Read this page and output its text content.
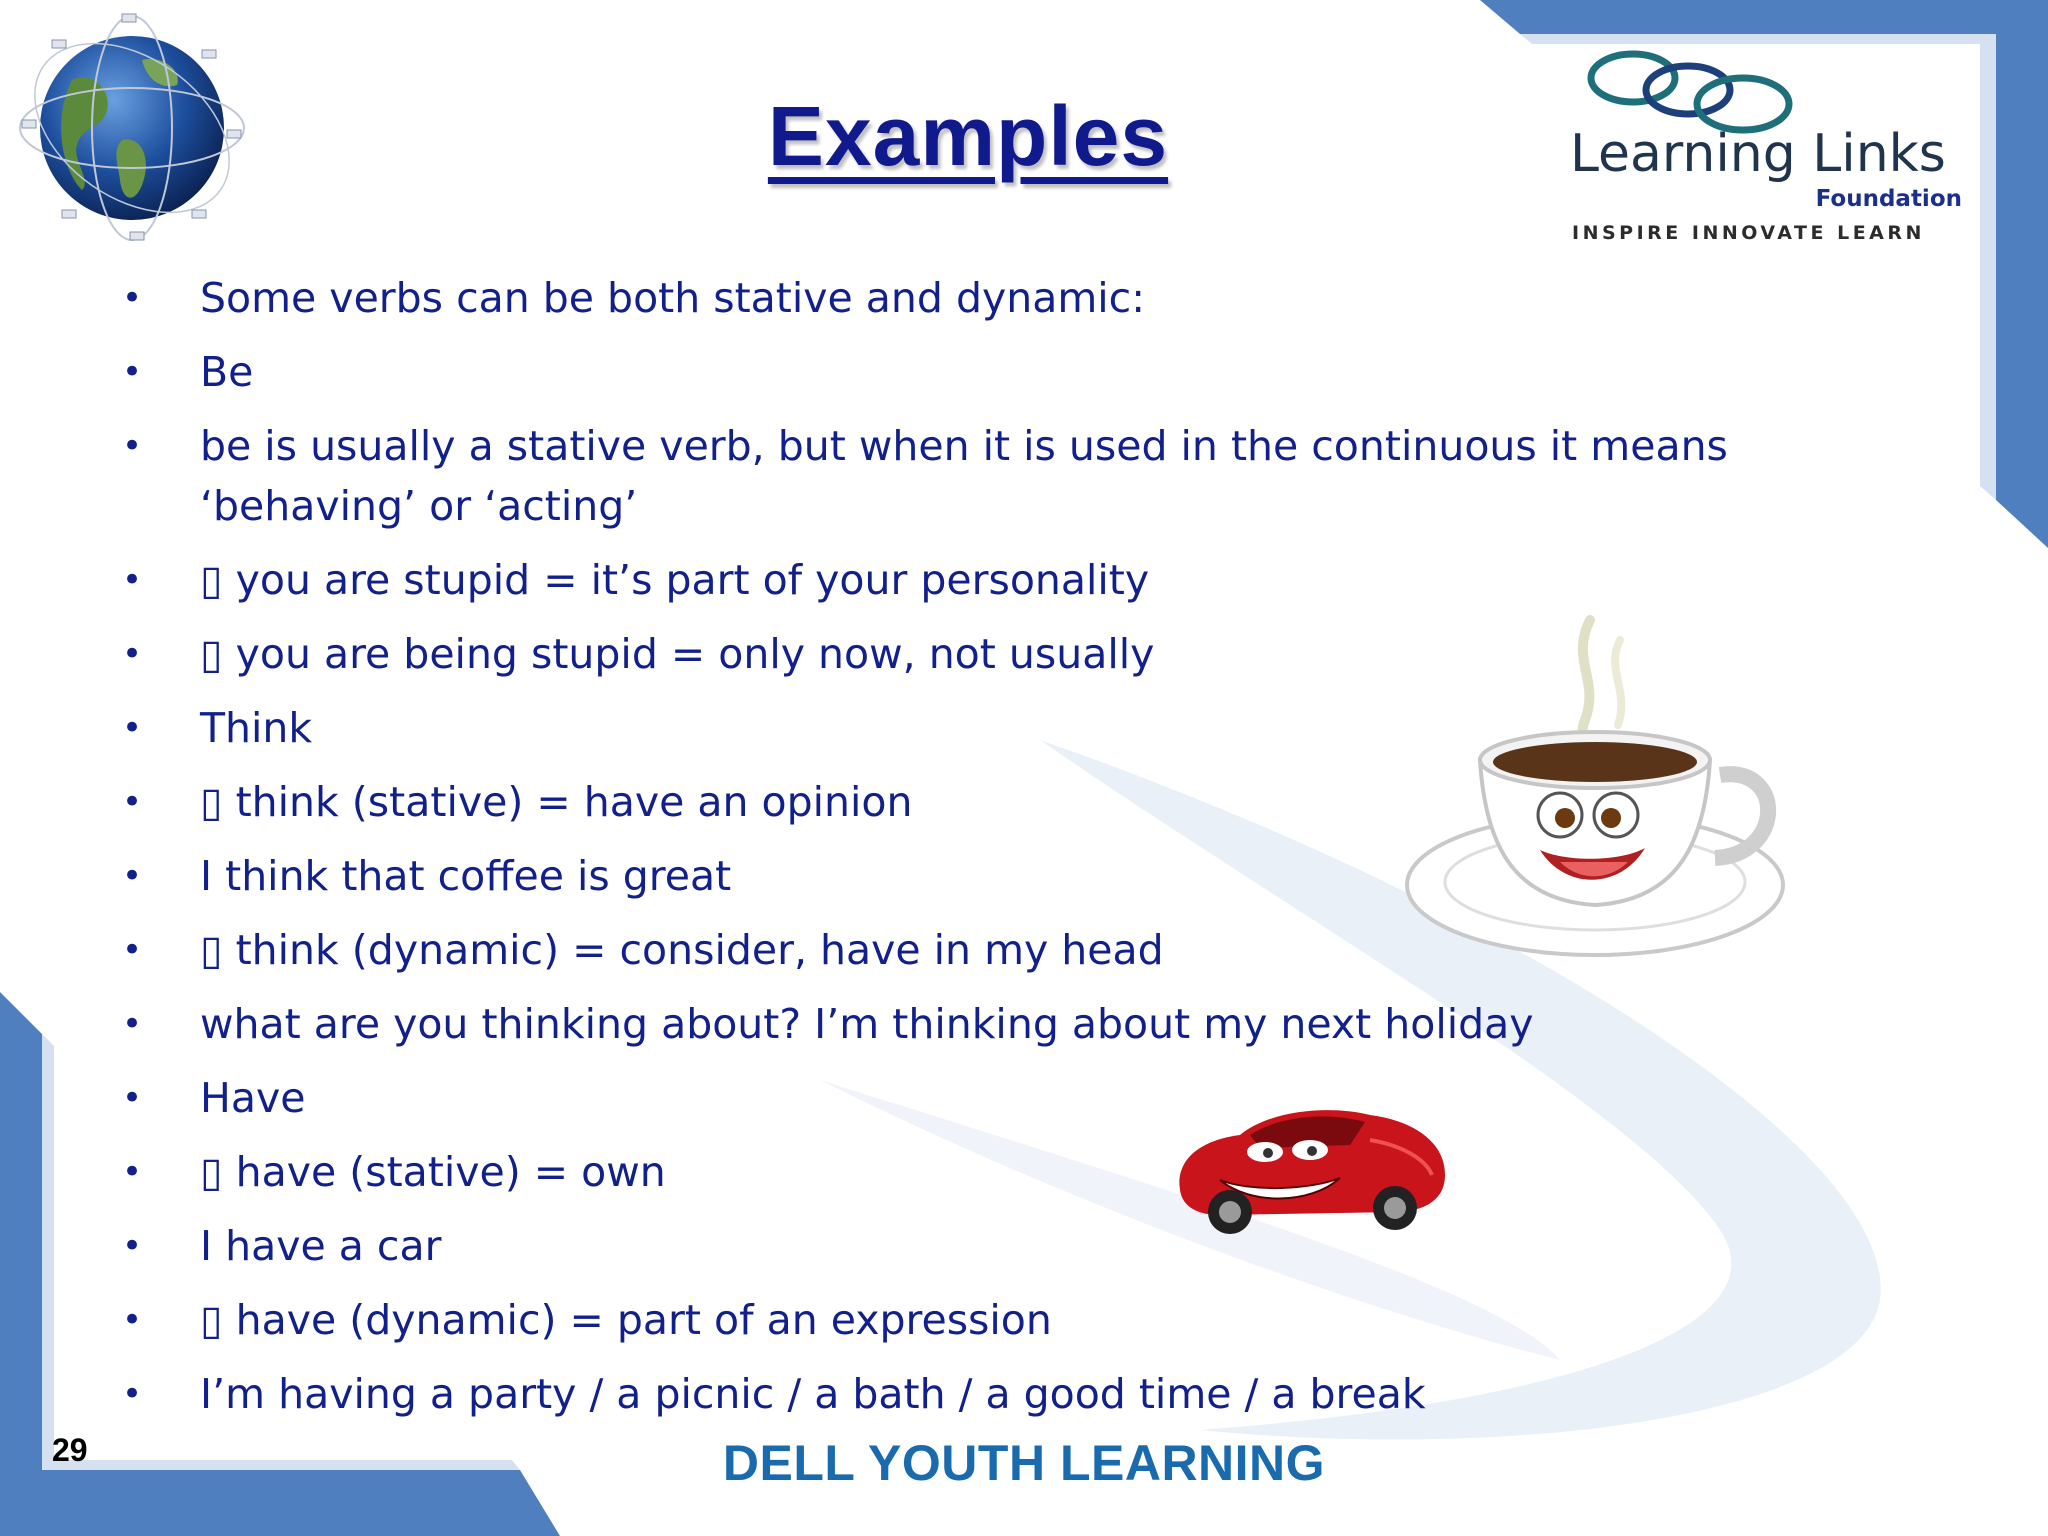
Examples	Learning Links
Foundation
INSPIRE INNOVATE LEARN
• Some verbs can be both stative and dynamic:
• Be
• be is usually a stative verb, but when it is used in the continuous it means ‘behaving’ or ‘acting’
• ▯ you are stupid = it’s part of your personality
• ▯ you are being stupid = only now, not usually
• Think
• ▯ think (stative) = have an opinion
• I think that coffee is great
• ▯ think (dynamic) = consider, have in my head
• what are you thinking about? I’m thinking about my next holiday
• Have
• ▯ have (stative) = own
• I have a car
• ▯ have (dynamic) = part of an expression
• I’m having a party / a picnic / a bath / a good time / a break
29	DELL YOUTH LEARNING
